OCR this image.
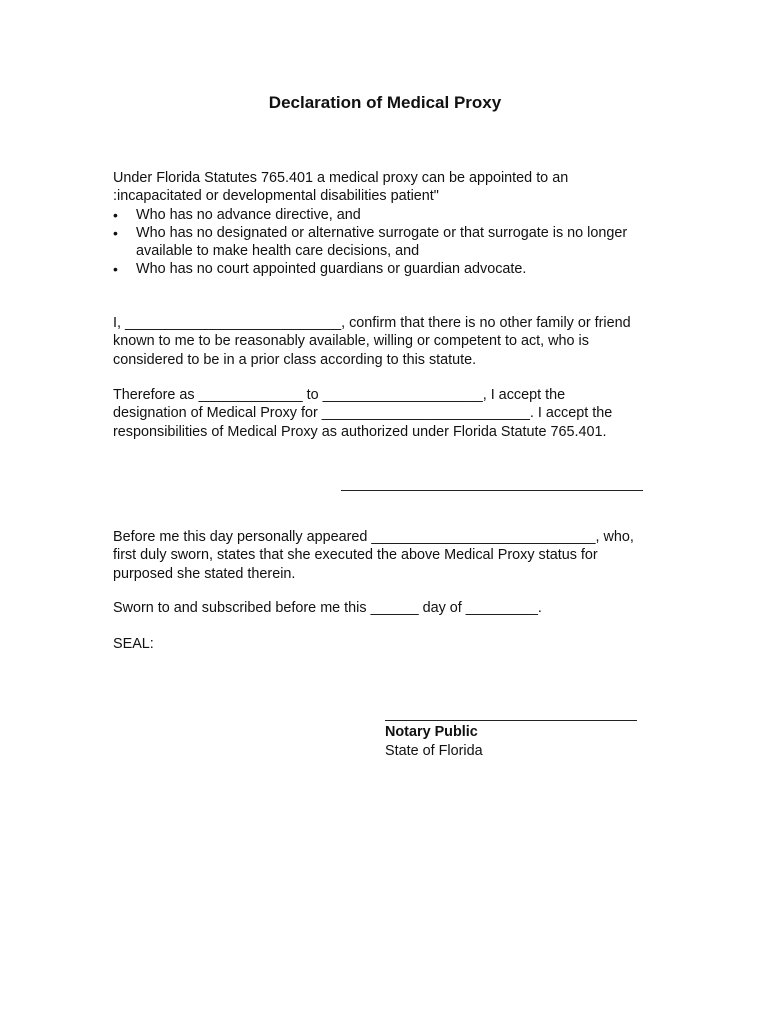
Declaration of Medical Proxy
Under Florida Statutes 765.401 a medical proxy can be appointed to an
:incapacitated or developmental disabilities patient"
• Who has no advance directive, and
• Who has no designated or alternative surrogate or that surrogate is no longer
available to make health care decisions, and
• Who has no court appointed guardians or guardian advocate.
I, ___________________________, confirm that there is no other family or friend
known to me to be reasonably available, willing or competent to act, who is
considered to be in a prior class according to this statute.
Therefore as _____________ to ____________________, I accept the
designation of Medical Proxy for __________________________. I accept the
responsibilities of Medical Proxy as authorized under Florida Statute 765.401.
Before me this day personally appeared ____________________________, who,
first duly sworn, states that she executed the above Medical Proxy status for
purposed she stated therein.
Sworn to and subscribed before me this ______ day of _________.
SEAL:
Notary Public
State of Florida
